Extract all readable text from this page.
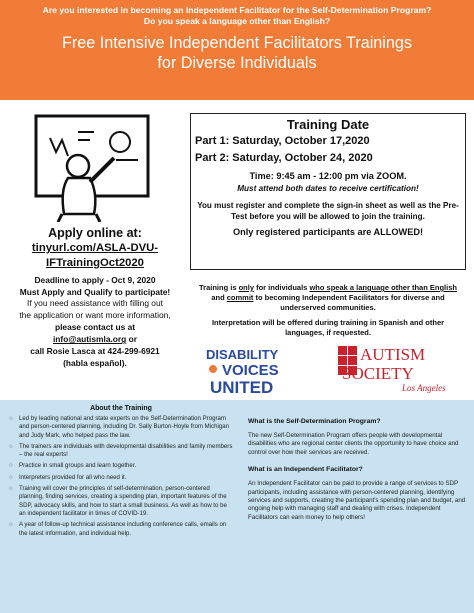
Are you interested in becoming an Independent Facilitator for the Self-Determination Program?
Do you speak a language other than English?
Free Intensive Independent Facilitators Trainings
for Diverse Individuals
Apply online at:
tinyurl.com/ASLA-DVU-
IFTrainingOct2020
Deadline to apply - Oct 9, 2020
Must Apply and Qualify to participate!
If you need assistance with filling out
the application or want more information,
please contact us at
info@autismla.org or
call Rosie Lasca at 424-299-6921
(habla español).
Training Date
Part 1: Saturday, October 17,2020
Part 2: Saturday, October 24, 2020
Time: 9:45 am - 12:00 pm via ZOOM.
Must attend both dates to receive certification!
You must register and complete the sign-in sheet as well as the Pre-Test before you will be allowed to join the training.
Only registered participants are ALLOWED!
Training is only for individuals who speak a language other than English and commit to becoming Independent Facilitators for diverse and underserved communities.
Interpretation will be offered during training in Spanish and other languages, if requested.
DISABILITY
VOICES
UNITED
AUTISM
SOCIETY
Los Angeles
About the Training
○ Led by leading national and state experts on the Self-Determination Program and person-centered planning, including Dr. Sally Burton-Hoyle from Michigan and Judy Mark, who helped pass the law.
○ The trainers are individuals with developmental disabilities and family members – the real experts!
○ Practice in small groups and learn together.
○ Interpreters provided for all who need it.
○ Training will cover the principles of self-determination, person-centered planning, finding services, creating a spending plan, important features of the SDP, advocacy skills, and how to start a small business. As well as how to be an independent facilitator in times of COVID-19.
○ A year of follow-up technical assistance including conference calls, emails on the latest information, and individual help.
What is the Self-Determination Program?
The new Self-Determination Program offers people with developmental disabilities who are regional center clients the opportunity to have choice and control over how their services are received.
What is an Independent Facilitator?
An Independent Facilitator can be paid to provide a range of services to SDP participants, including assistance with person-centered planning, identifying services and supports, creating the participant's spending plan and budget, and ongoing help with managing staff and dealing with crises. Independent Facilitators can earn money to help others!
